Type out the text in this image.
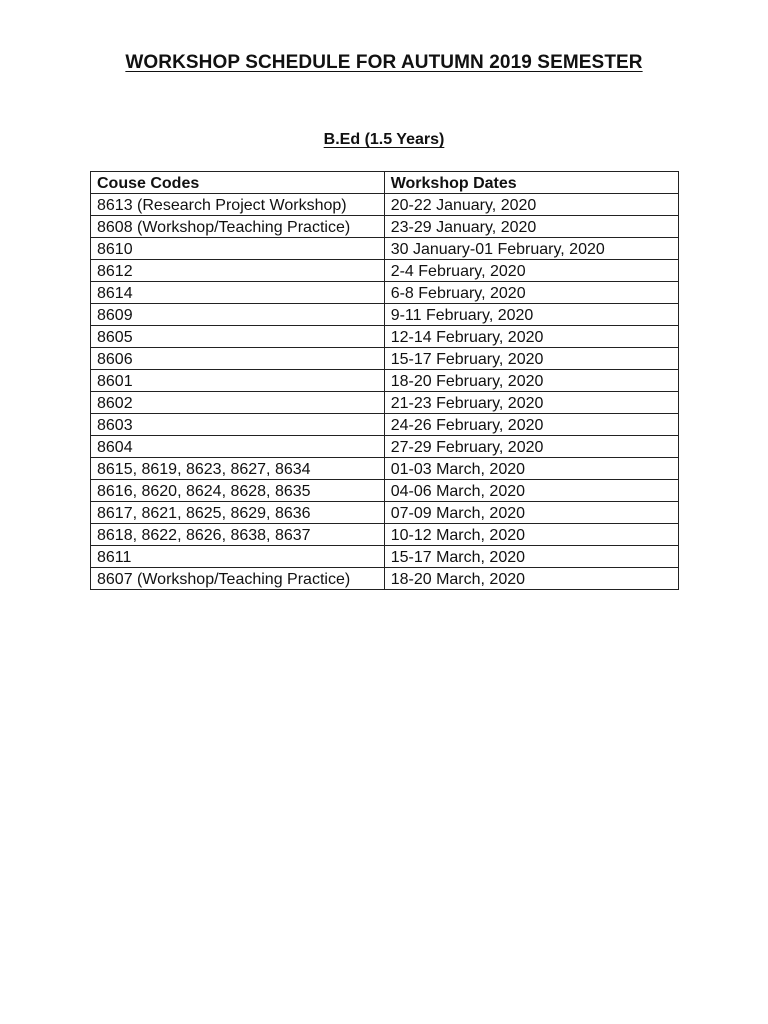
WORKSHOP SCHEDULE FOR AUTUMN 2019 SEMESTER
B.Ed (1.5 Years)
Couse Codes	Workshop Dates
8613 (Research Project Workshop)	20-22 January, 2020
8608 (Workshop/Teaching Practice)	23-29 January, 2020
8610	30 January-01 February, 2020
8612	2-4 February, 2020
8614	6-8 February, 2020
8609	9-11 February, 2020
8605	12-14 February, 2020
8606	15-17 February, 2020
8601	18-20 February, 2020
8602	21-23 February, 2020
8603	24-26 February, 2020
8604	27-29 February, 2020
8615, 8619, 8623, 8627, 8634	01-03 March, 2020
8616, 8620, 8624, 8628, 8635	04-06 March, 2020
8617, 8621, 8625, 8629, 8636	07-09 March, 2020
8618, 8622, 8626, 8638, 8637	10-12 March, 2020
8611	15-17 March, 2020
8607 (Workshop/Teaching Practice)	18-20 March, 2020
